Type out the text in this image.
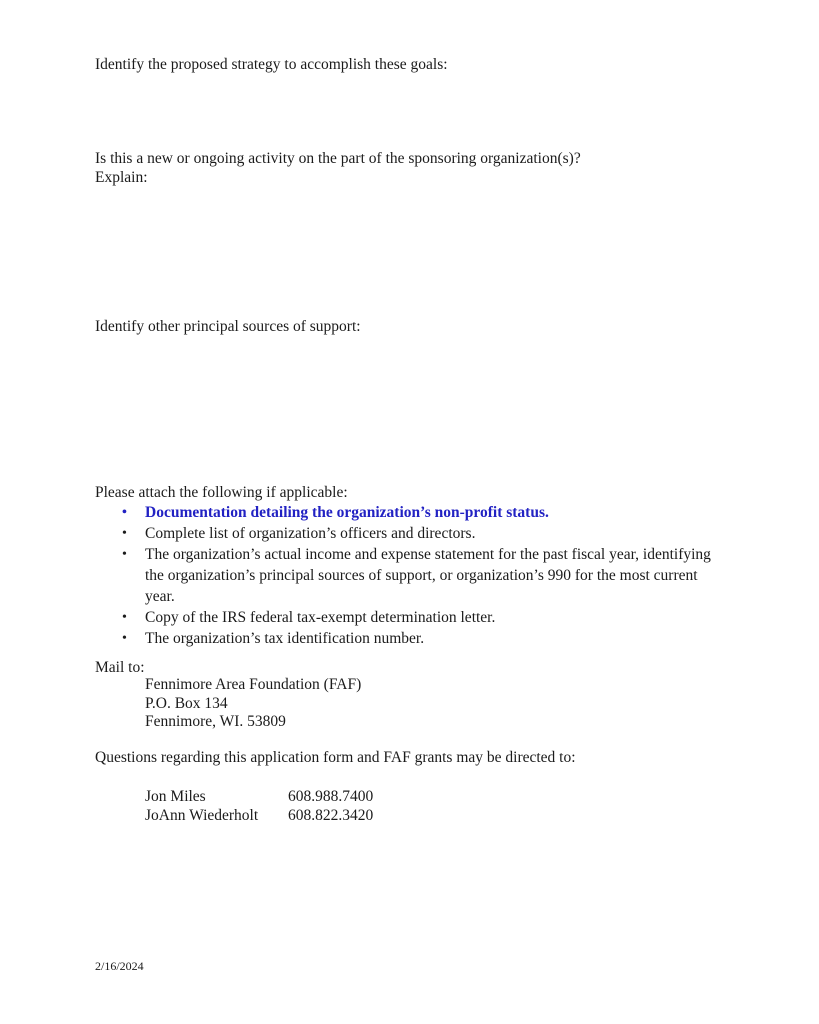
Identify the proposed strategy to accomplish these goals:
Is this a new or ongoing activity on the part of the sponsoring organization(s)?
Explain:
Identify other principal sources of support:
Please attach the following if applicable:
•	Documentation detailing the organization’s non-profit status.
•	Complete list of organization’s officers and directors.
•	The organization’s actual income and expense statement for the past fiscal year, identifying the organization’s principal sources of support, or organization’s 990 for the most current year.
•	Copy of the IRS federal tax-exempt determination letter.
•	The organization’s tax identification number.
Mail to:
Fennimore Area Foundation (FAF)
P.O. Box 134
Fennimore, WI. 53809
Questions regarding this application form and FAF grants may be directed to:
Jon Miles	608.988.7400
JoAnn Wiederholt	608.822.3420
2/16/2024
